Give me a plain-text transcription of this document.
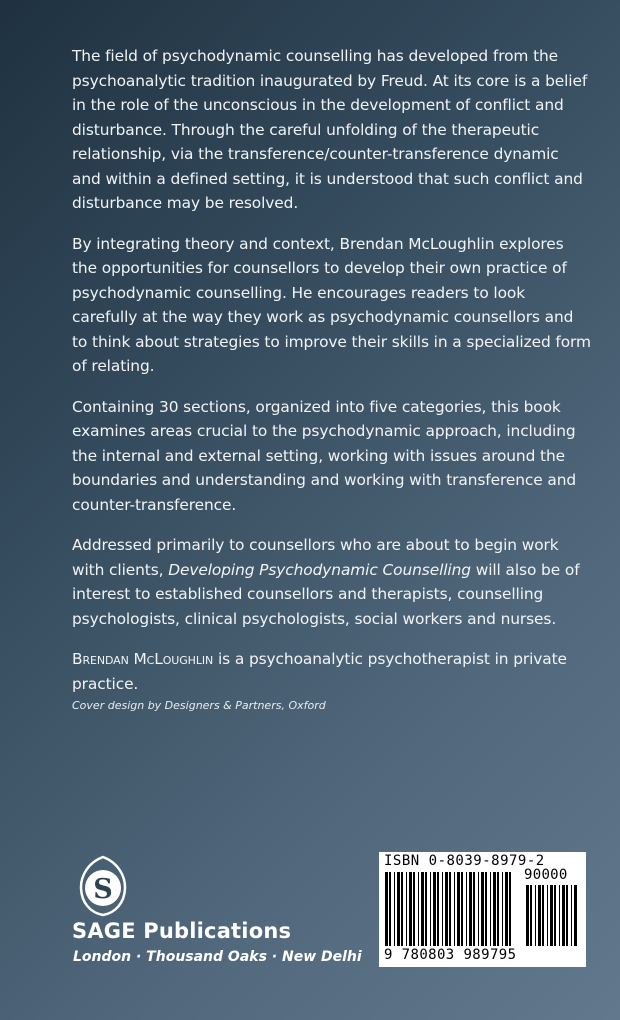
The field of psychodynamic counselling has developed from the psychoanalytic tradition inaugurated by Freud. At its core is a belief in the role of the unconscious in the development of conflict and disturbance. Through the careful unfolding of the therapeutic relationship, via the transference/counter-transference dynamic and within a defined setting, it is understood that such conflict and disturbance may be resolved.

By integrating theory and context, Brendan McLoughlin explores the opportunities for counsellors to develop their own practice of psychodynamic counselling. He encourages readers to look carefully at the way they work as psychodynamic counsellors and to think about strategies to improve their skills in a specialized form of relating.

Containing 30 sections, organized into five categories, this book examines areas crucial to the psychodynamic approach, including the internal and external setting, working with issues around the boundaries and understanding and working with transference and counter-transference.

Addressed primarily to counsellors who are about to begin work with clients, Developing Psychodynamic Counselling will also be of interest to established counsellors and therapists, counselling psychologists, clinical psychologists, social workers and nurses.

Brendan McLoughlin is a psychoanalytic psychotherapist in private practice.

Cover design by Designers & Partners, Oxford
S
SAGE Publications
London · Thousand Oaks · New Delhi
ISBN 0-8039-8979-2
90000
9 780803 989795
